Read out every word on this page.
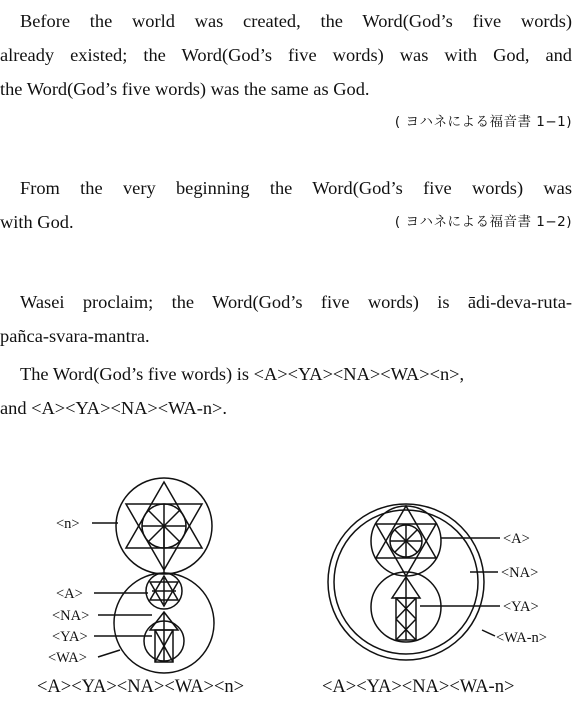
Before the world was created, the Word(God’s five words)
already existed; the Word(God’s five words) was with God, and
the Word(God’s five words) was the same as God.
( ヨハネによる福音書 1−1)
From the very beginning the Word(God’s five words) was
with God.	( ヨハネによる福音書 1−2)
Wasei proclaim; the Word(God’s five words) is ādi-deva-ruta-
pañca-svara-mantra.
The Word(God’s five words) is <A><YA><NA><WA><n>,
and <A><YA><NA><WA-n>.
<n>
<A>
<NA>
<YA>
<WA>
<A>
<NA>
<YA>
<WA-n>
<A><YA><NA><WA><n>	<A><YA><NA><WA-n>
